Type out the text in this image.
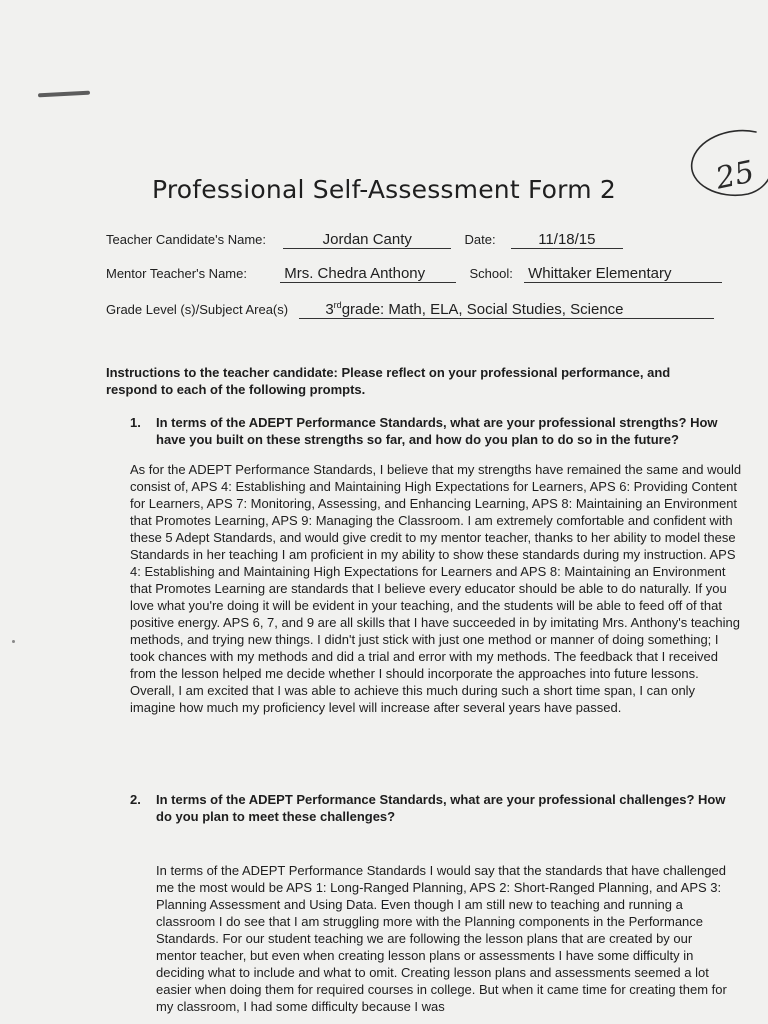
25
Professional Self-Assessment Form 2
Teacher Candidate's Name:	Jordan Canty	Date:	11/18/15
Mentor Teacher's Name: Mrs. Chedra Anthony	School: Whittaker Elementary
Grade Level (s)/Subject Area(s) 3rdgrade: Math, ELA, Social Studies, Science
Instructions to the teacher candidate: Please reflect on your professional performance, and respond to each of the following prompts.
1. In terms of the ADEPT Performance Standards, what are your professional strengths? How have you built on these strengths so far, and how do you plan to do so in the future?
As for the ADEPT Performance Standards, I believe that my strengths have remained the same and would consist of, APS 4: Establishing and Maintaining High Expectations for Learners, APS 6: Providing Content for Learners, APS 7: Monitoring, Assessing, and Enhancing Learning, APS 8: Maintaining an Environment that Promotes Learning, APS 9: Managing the Classroom. I am extremely comfortable and confident with these 5 Adept Standards, and would give credit to my mentor teacher, thanks to her ability to model these Standards in her teaching I am proficient in my ability to show these standards during my instruction. APS 4: Establishing and Maintaining High Expectations for Learners and APS 8: Maintaining an Environment that Promotes Learning are standards that I believe every educator should be able to do naturally. If you love what you're doing it will be evident in your teaching, and the students will be able to feed off of that positive energy. APS 6, 7, and 9 are all skills that I have succeeded in by imitating Mrs. Anthony's teaching methods, and trying new things. I didn't just stick with just one method or manner of doing something; I took chances with my methods and did a trial and error with my methods. The feedback that I received from the lesson helped me decide whether I should incorporate the approaches into future lessons. Overall, I am excited that I was able to achieve this much during such a short time span, I can only imagine how much my proficiency level will increase after several years have passed.
2. In terms of the ADEPT Performance Standards, what are your professional challenges? How do you plan to meet these challenges?
In terms of the ADEPT Performance Standards I would say that the standards that have challenged me the most would be APS 1: Long-Ranged Planning, APS 2: Short-Ranged Planning, and APS 3: Planning Assessment and Using Data. Even though I am still new to teaching and running a classroom I do see that I am struggling more with the Planning components in the Performance Standards. For our student teaching we are following the lesson plans that are created by our mentor teacher, but even when creating lesson plans or assessments I have some difficulty in deciding what to include and what to omit. Creating lesson plans and assessments seemed a lot easier when doing them for required courses in college. But when it came time for creating them for my classroom, I had some difficulty because I was
